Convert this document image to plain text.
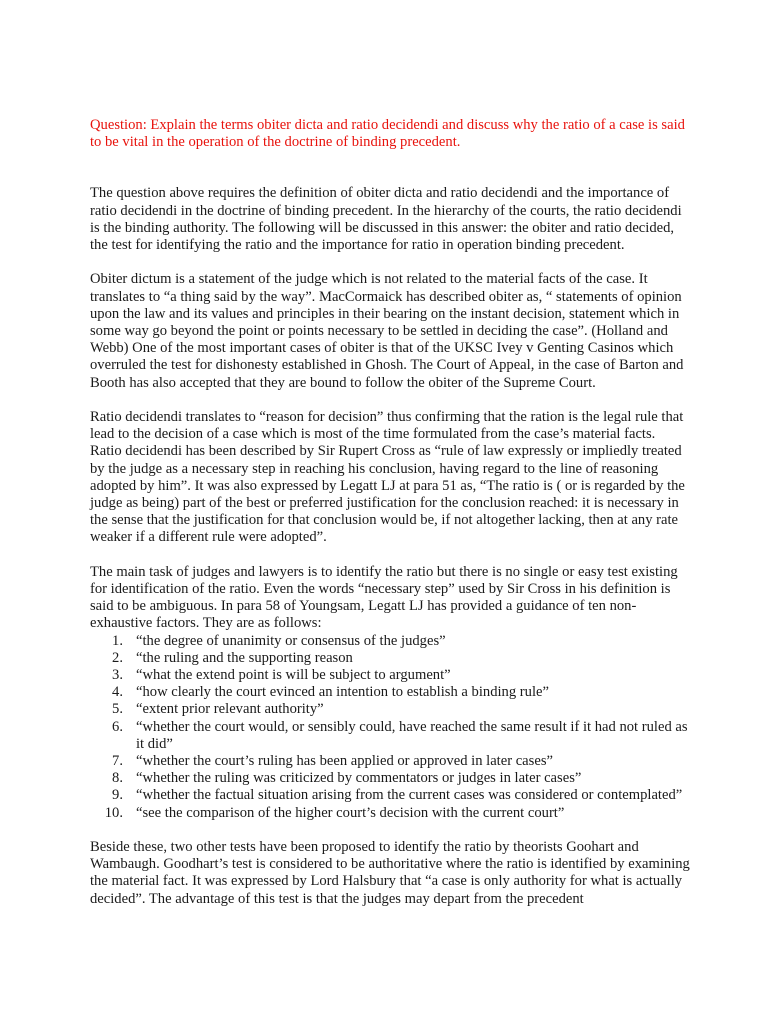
Question: Explain the terms obiter dicta and ratio decidendi and discuss why the ratio of a case is said to be vital in the operation of the doctrine of binding precedent.

The question above requires the definition of obiter dicta and ratio decidendi and the importance of ratio decidendi in the doctrine of binding precedent. In the hierarchy of the courts, the ratio decidendi is the binding authority. The following will be discussed in this answer: the obiter and ratio decided, the test for identifying the ratio and the importance for ratio in operation binding precedent.

Obiter dictum is a statement of the judge which is not related to the material facts of the case. It translates to “a thing said by the way”. MacCormaick has described obiter as, “ statements of opinion upon the law and its values and principles in their bearing on the instant decision, statement which in some way go beyond the point or points necessary to be settled in deciding the case”. (Holland and Webb) One of the most important cases of obiter is that of the UKSC Ivey v Genting Casinos which overruled the test for dishonesty established in Ghosh. The Court of Appeal, in the case of Barton and Booth has also accepted that they are bound to follow the obiter of the Supreme Court.

Ratio decidendi translates to “reason for decision” thus confirming that the ration is the legal rule that lead to the decision of a case which is most of the time formulated from the case’s material facts. Ratio decidendi has been described by Sir Rupert Cross as “rule of law expressly or impliedly treated by the judge as a necessary step in reaching his conclusion, having regard to the line of reasoning adopted by him”. It was also expressed by Legatt LJ at para 51 as, “The ratio is ( or is regarded by the judge as being) part of the best or preferred justification for the conclusion reached: it is necessary in the sense that the justification for that conclusion would be, if not altogether lacking, then at any rate weaker if a different rule were adopted”.

The main task of judges and lawyers is to identify the ratio but there is no single or easy test existing for identification of the ratio. Even the words “necessary step” used by Sir Cross in his definition is said to be ambiguous. In para 58 of Youngsam, Legatt LJ has provided a guidance of ten non-exhaustive factors. They are as follows:

1. “the degree of unanimity or consensus of the judges”
2. “the ruling and the supporting reason
3. “what the extend point is will be subject to argument”
4. “how clearly the court evinced an intention to establish a binding rule”
5. “extent prior relevant authority”
6. “whether the court would, or sensibly could, have reached the same result if it had not ruled as it did”
7. “whether the court’s ruling has been applied or approved in later cases”
8. “whether the ruling was criticized by commentators or judges in later cases”
9. “whether the factual situation arising from the current cases was considered or contemplated”
10. “see the comparison of the higher court’s decision with the current court”

Beside these, two other tests have been proposed to identify the ratio by theorists Goohart and Wambaugh. Goodhart’s test is considered to be authoritative where the ratio is identified by examining the material fact. It was expressed by Lord Halsbury that “a case is only authority for what is actually decided”. The advantage of this test is that the judges may depart from the precedent
